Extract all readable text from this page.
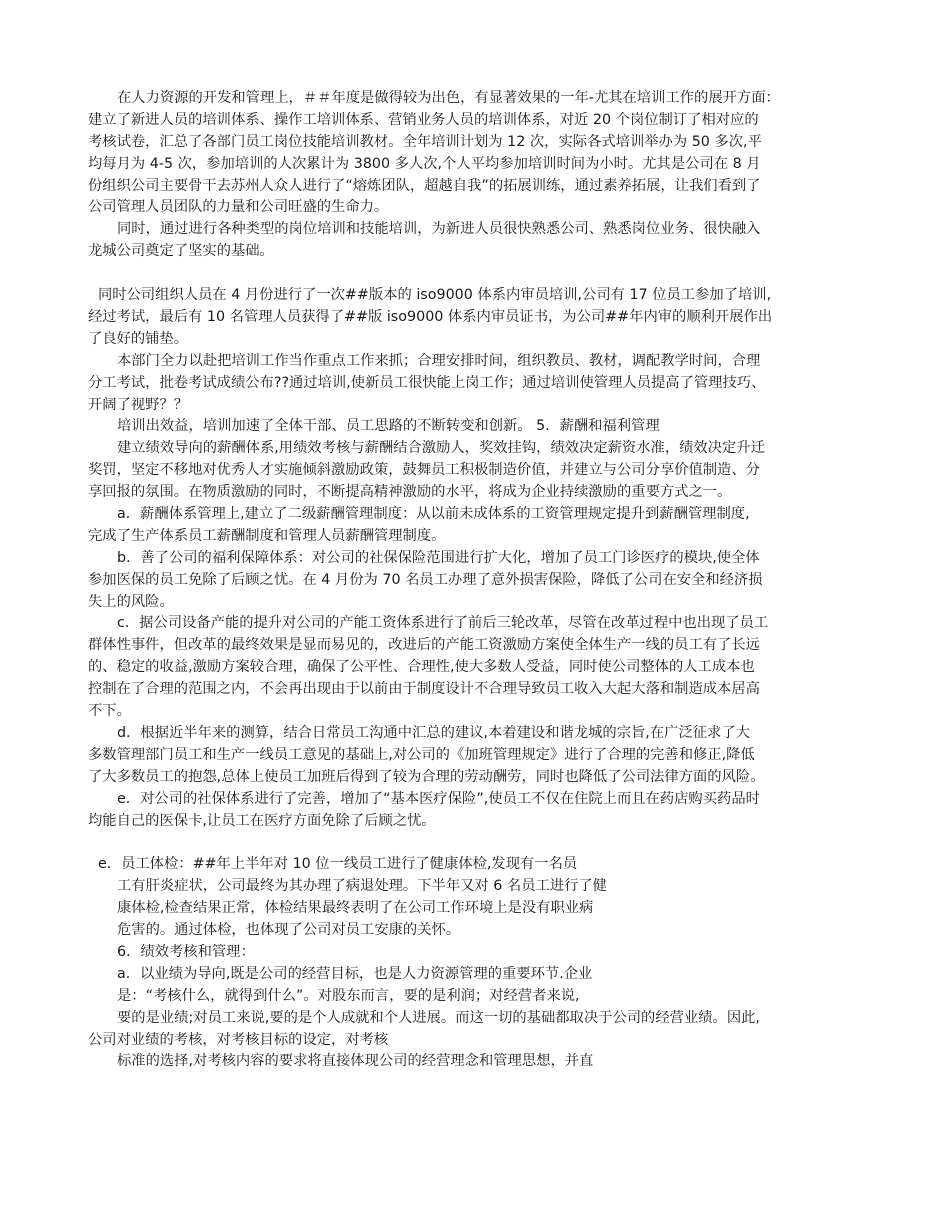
在人力资源的开发和管理上，＃＃年度是做得较为出色，有显著效果的一年-尤其在培训工作的展开方面：
建立了新进人员的培训体系、操作工培训体系、营销业务人员的培训体系，对近 20 个岗位制订了相对应的
考核试卷，汇总了各部门员工岗位技能培训教材。全年培训计划为 12 次，实际各式培训举办为 50 多次,平
均每月为 4-5 次，参加培训的人次累计为 3800 多人次,个人平均参加培训时间为小时。尤其是公司在 8 月
份组织公司主要骨干去苏州人众人进行了“熔炼团队，超越自我”的拓展训练，通过素养拓展，让我们看到了
公司管理人员团队的力量和公司旺盛的生命力。
同时，通过进行各种类型的岗位培训和技能培训，为新进人员很快熟悉公司、熟悉岗位业务、很快融入
龙城公司奠定了坚实的基础。
同时公司组织人员在 4 月份进行了一次##版本的 iso9000 体系内审员培训,公司有 17 位员工参加了培训,
经过考试，最后有 10 名管理人员获得了##版 iso9000 体系内审员证书，为公司##年内审的顺利开展作出
了良好的铺垫。
本部门全力以赴把培训工作当作重点工作来抓；合理安排时间，组织教员、教材，调配教学时间，合理
分工考试，批卷考试成绩公布??通过培训,使新员工很快能上岗工作；通过培训使管理人员提高了管理技巧、
开阔了视野？？
培训出效益，培训加速了全体干部、员工思路的不断转变和创新。 5．薪酬和福利管理
建立绩效导向的薪酬体系,用绩效考核与薪酬结合激励人，奖效挂钩，绩效决定薪资水准，绩效决定升迁
奖罚，坚定不移地对优秀人才实施倾斜激励政策，鼓舞员工积极制造价值，并建立与公司分享价值制造、分
享回报的氛围。在物质激励的同时，不断提高精神激励的水平，将成为企业持续激励的重要方式之一。
a．薪酬体系管理上,建立了二级薪酬管理制度：从以前未成体系的工资管理规定提升到薪酬管理制度,
完成了生产体系员工薪酬制度和管理人员薪酬管理制度。
b．善了公司的福利保障体系：对公司的社保保险范围进行扩大化，增加了员工门诊医疗的模块,使全体
参加医保的员工免除了后顾之忧。在 4 月份为 70 名员工办理了意外损害保险，降低了公司在安全和经济损
失上的风险。
c．据公司设备产能的提升对公司的产能工资体系进行了前后三轮改革，尽管在改革过程中也出现了员工
群体性事件，但改革的最终效果是显而易见的，改进后的产能工资激励方案使全体生产一线的员工有了长远
的、稳定的收益,激励方案较合理，确保了公平性、合理性,使大多数人受益，同时使公司整体的人工成本也
控制在了合理的范围之内，不会再出现由于以前由于制度设计不合理导致员工收入大起大落和制造成本居高
不下。
d．根据近半年来的测算，结合日常员工沟通中汇总的建议,本着建设和谐龙城的宗旨,在广泛征求了大
多数管理部门员工和生产一线员工意见的基础上,对公司的《加班管理规定》进行了合理的完善和修正,降低
了大多数员工的抱怨,总体上使员工加班后得到了较为合理的劳动酬劳，同时也降低了公司法律方面的风险。
e．对公司的社保体系进行了完善，增加了“基本医疗保险”,使员工不仅在住院上而且在药店购买药品时
均能自己的医保卡,让员工在医疗方面免除了后顾之忧。
e．员工体检：##年上半年对 10 位一线员工进行了健康体检,发现有一名员
工有肝炎症状，公司最终为其办理了病退处理。下半年又对 6 名员工进行了健
康体检,检查结果正常，体检结果最终表明了在公司工作环境上是没有职业病
危害的。通过体检，也体现了公司对员工安康的关怀。
6．绩效考核和管理：
a．以业绩为导向,既是公司的经营目标，也是人力资源管理的重要环节.企业
是：“考核什么，就得到什么”。对股东而言，要的是利润；对经营者来说,
要的是业绩;对员工来说,要的是个人成就和个人进展。而这一切的基础都取决于公司的经营业绩。因此,
公司对业绩的考核，对考核目标的设定，对考核
标准的选择,对考核内容的要求将直接体现公司的经营理念和管理思想，并直
